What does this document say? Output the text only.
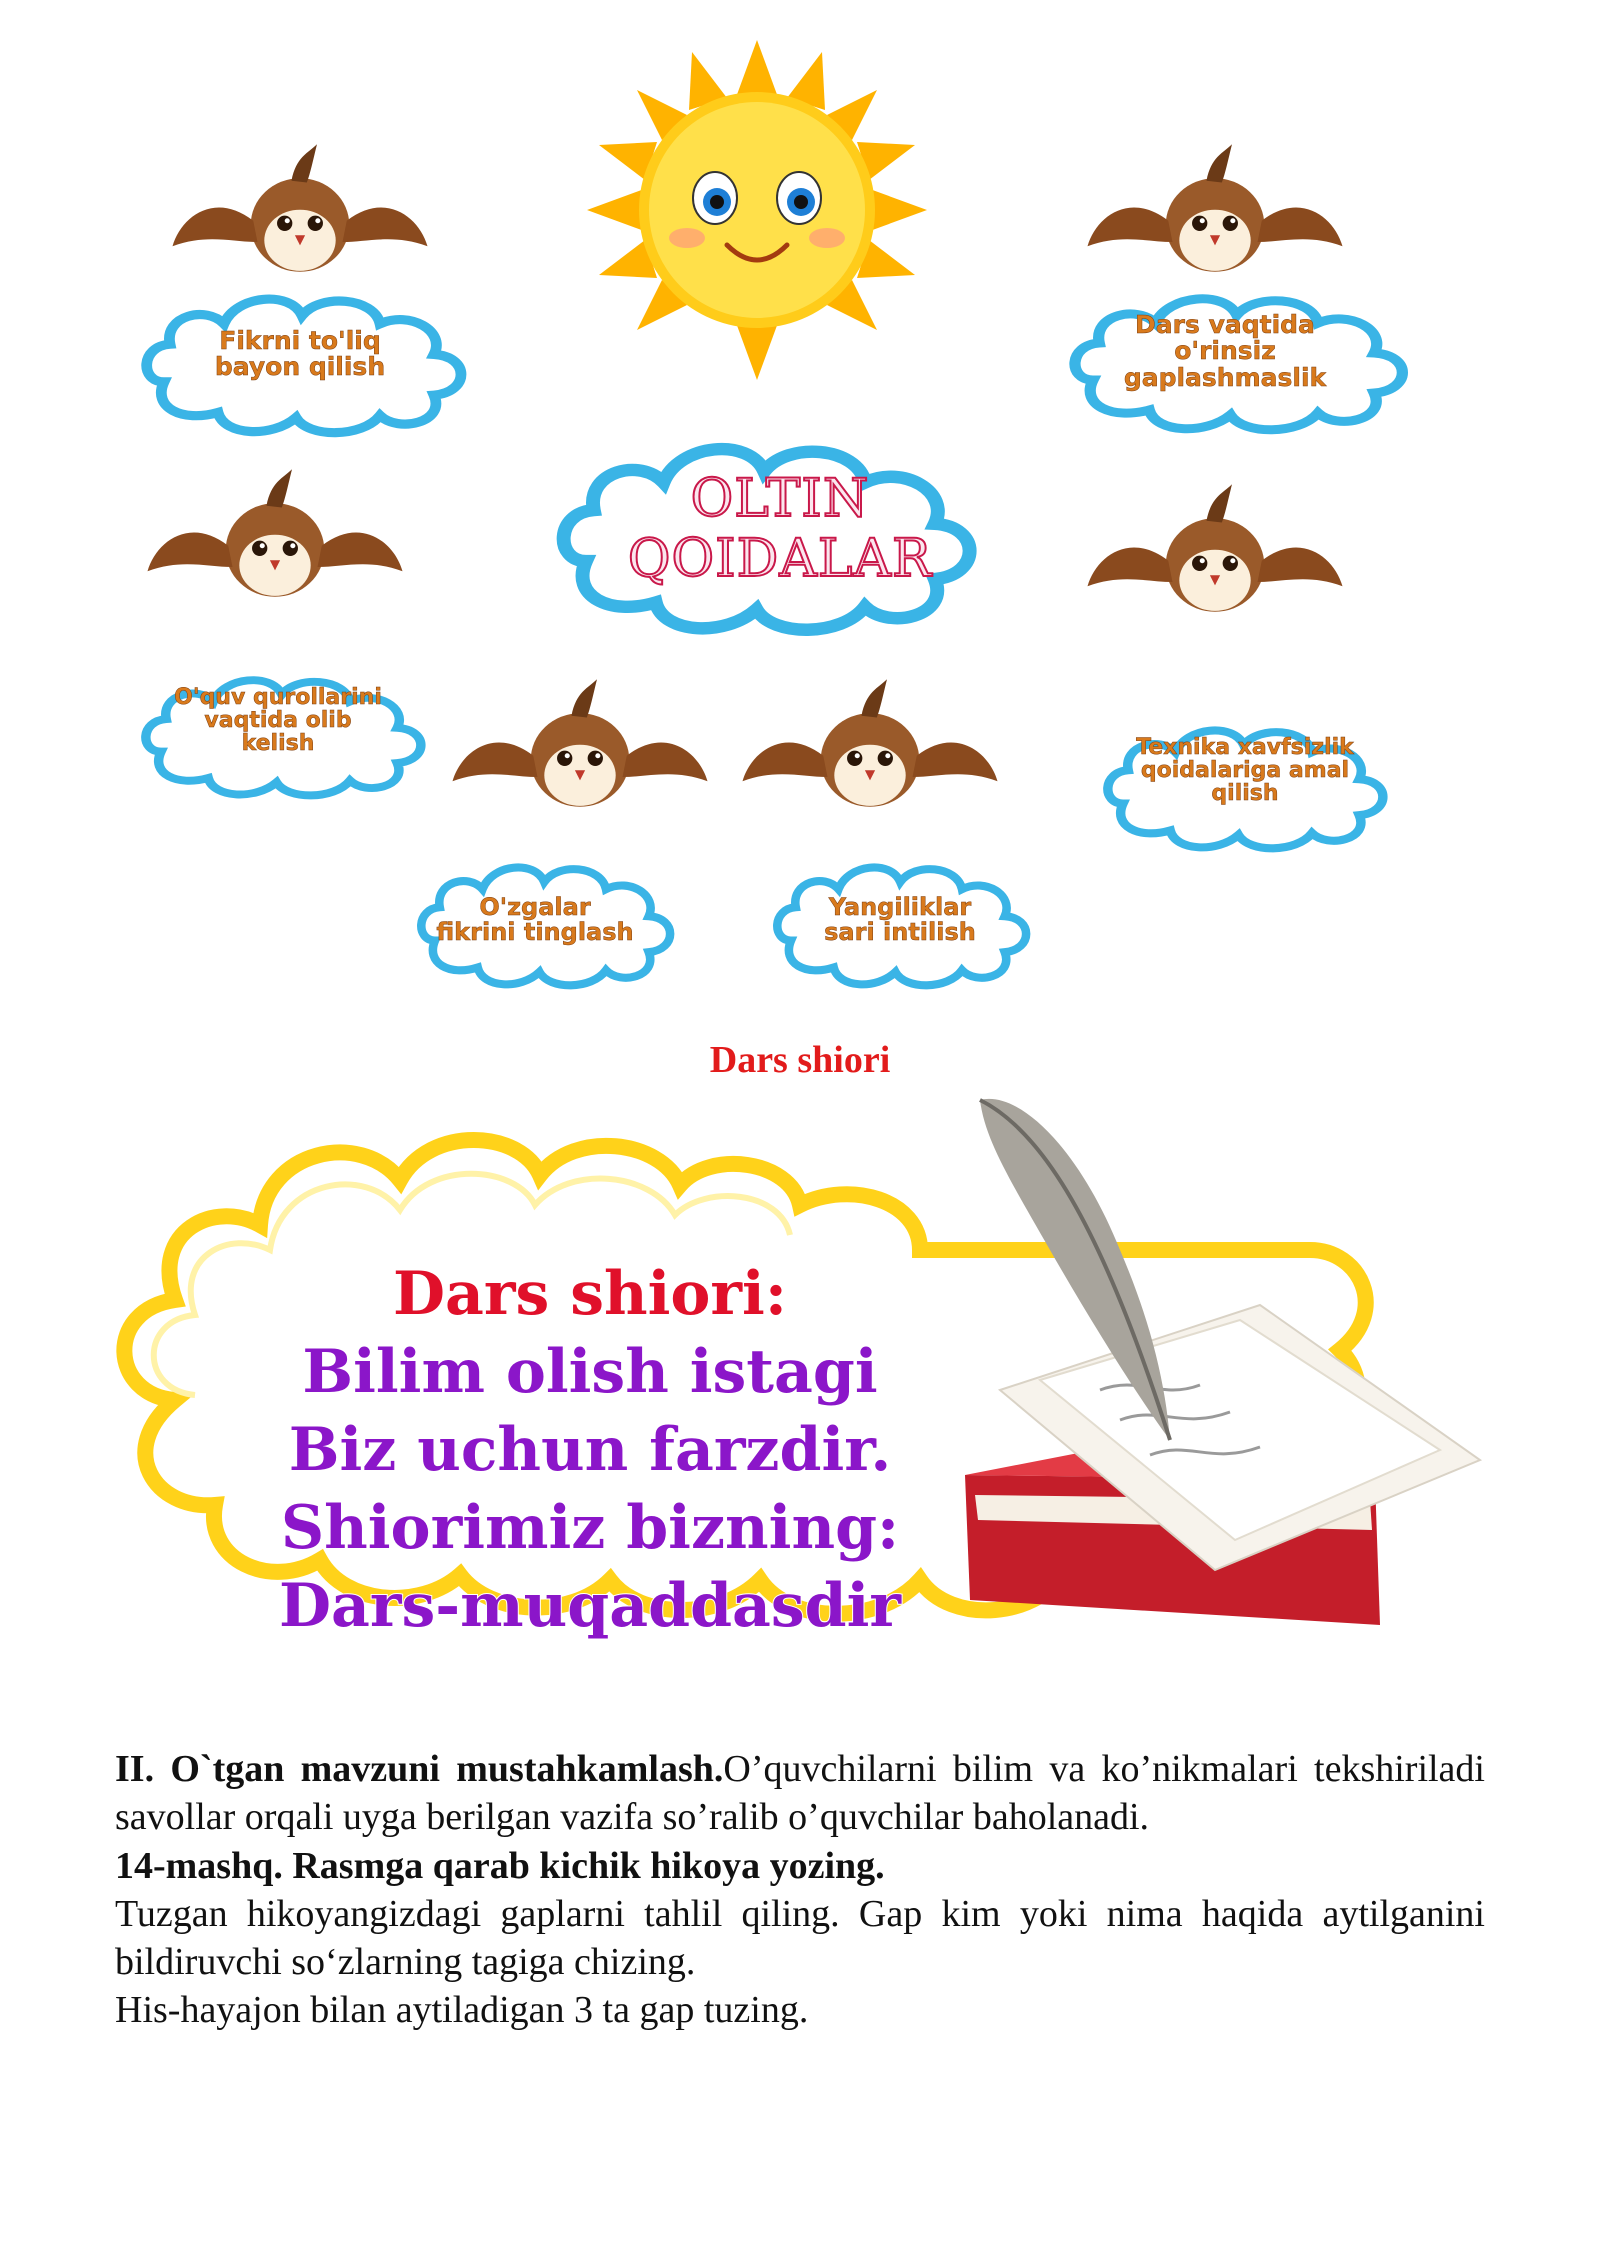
OLTIN
QOIDALAR
Fikrni to'liq
bayon qilish
Dars vaqtida
o'rinsiz
gaplashmaslik
O'quv qurollarini
vaqtida olib
kelish	Texnika xavfsizlik
qoidalariga amal
qilish
O'zgalar
fikrini tinglash
Yangiliklar
sari intilish
Dars shiori
Dars shiori:
Bilim olish istagi
Biz uchun farzdir.
Shiorimiz bizning:
Dars-muqaddasdir

II. O`tgan mavzuni mustahkamlash.O’quvchilarni bilim va ko’nikmalari tekshiriladi savollar orqali uyga berilgan vazifa so’ralib o’quvchilar baholanadi.

14-mashq. Rasmga qarab kichik hikoya yozing.

Tuzgan hikoyangizdagi gaplarni tahlil qiling. Gap kim yoki nima haqida aytilganini bildiruvchi so‘zlarning tagiga chizing.

His-hayajon bilan aytiladigan 3 ta gap tuzing.
